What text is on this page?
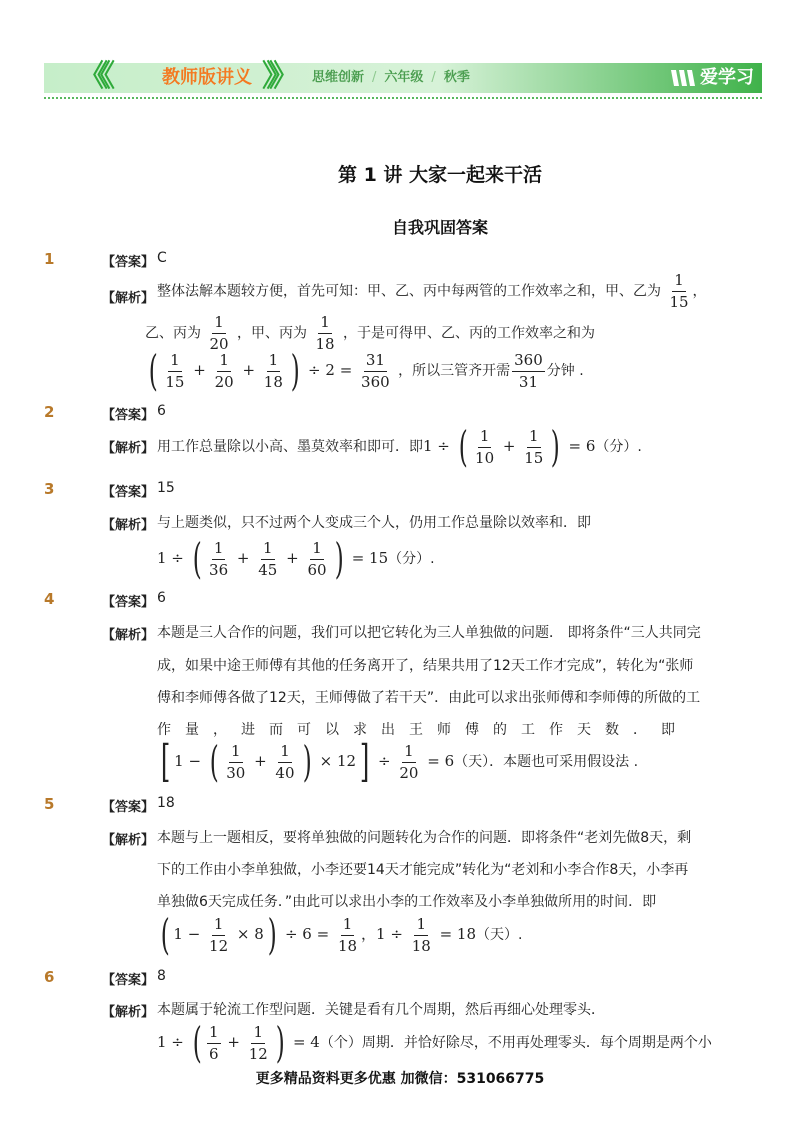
《《	教师版讲义 》》 思维创新 / 六年级 / 秋季	爱学习
第 1 讲 大家一起来干活
自我巩固答案
1	【答案】 C
【解析】 整体法解本题较方便，首先可知：甲、乙、丙中每两管的工作效率之和，甲、乙为 $\frac{1}{15}$ ，
乙、丙为 $\frac{1}{20}$ ，甲、丙为 $\frac{1}{18}$ ，于是可得甲、乙、丙的工作效率之和为
( $\frac{1}{15} + \frac{1}{20} + \frac{1}{18}$ ) ÷ $2 = \frac{31}{360}$ ，所以三管齐开需 $\frac{360}{31}$ 分钟 .
2	【答案】 6
【解析】 用工作总量除以小高、墨莫效率和即可．即1 ÷ ( $\frac{1}{10} + \frac{1}{15}$ ) = 6（分）.
3	【答案】 15
【解析】 与上题类似，只不过两个人变成三个人，仍用工作总量除以效率和．即
1 ÷ ( $\frac{1}{36} + \frac{1}{45} + \frac{1}{60}$ ) = 15（分）.
4	【答案】 6
【解析】 本题是三人合作的问题，我们可以把它转化为三人单独做的问题． 即将条件“三人共同完
成，如果中途王师傅有其他的任务离开了，结果共用了12天工作才完成”，转化为“张师
傅和李师傅各做了12天，王师傅做了若干天”．由此可以求出张师傅和李师傅的所做的工
作量，进而可以求出王师傅的工作天数．即
[ 1 − ( $\frac{1}{30} + \frac{1}{40}$ ) × $12] \div \frac{1}{20} = 6$（天）．本题也可采用假设法 .
5	【答案】 18
【解析】 本题与上一题相反，要将单独做的问题转化为合作的问题．即将条件“老刘先做8天，剩
下的工作由小李单独做，小李还要14天才能完成”转化为“老刘和小李合作8天，小李再
单独做6天完成任务．”由此可以求出小李的工作效率及小李单独做所用的时间．即
( $1 - \frac{1}{12} \times 8) \div 6 = \frac{1}{18}$ ，$1 \div \frac{1}{18} = 18$（天）.
6	【答案】 8
【解析】 本题属于轮流工作型问题．关键是看有几个周期，然后再细心处理零头．
1 ÷ ( $\frac{1}{6} + \frac{1}{12}$ ) = 4（个）周期．并恰好除尽，不用再处理零头．每个周期是两个小
更多精品资料更多优惠 加微信：531066775
